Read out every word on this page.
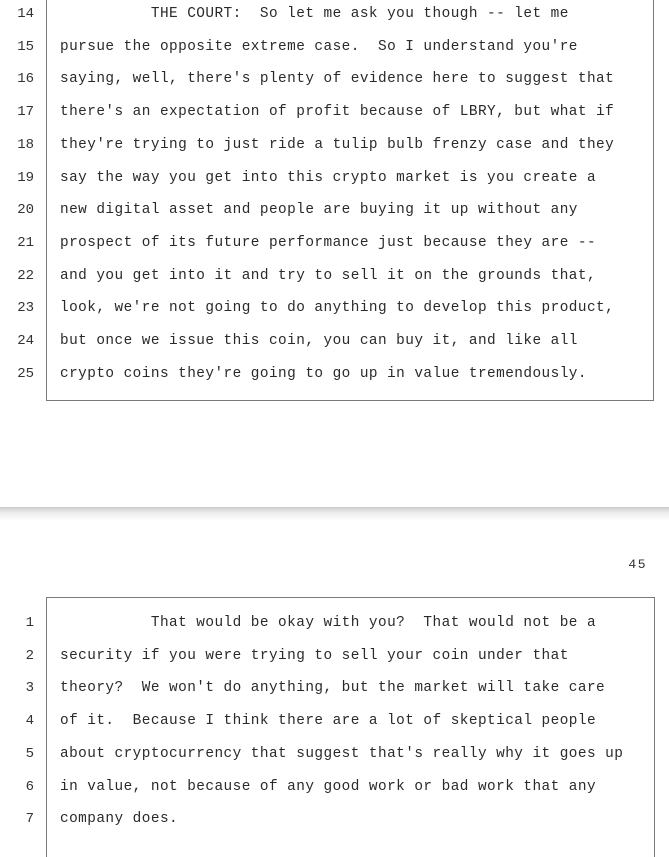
14 THE COURT:  So let me ask you though -- let me
15 pursue the opposite extreme case.  So I understand you're
16 saying, well, there's plenty of evidence here to suggest that
17 there's an expectation of profit because of LBRY, but what if
18 they're trying to just ride a tulip bulb frenzy case and they
19 say the way you get into this crypto market is you create a
20 new digital asset and people are buying it up without any
21 prospect of its future performance just because they are --
22 and you get into it and try to sell it on the grounds that,
23 look, we're not going to do anything to develop this product,
24 but once we issue this coin, you can buy it, and like all
25 crypto coins they're going to go up in value tremendously.
45
1 That would be okay with you?  That would not be a
2 security if you were trying to sell your coin under that
3 theory?  We won't do anything, but the market will take care
4 of it.  Because I think there are a lot of skeptical people
5 about cryptocurrency that suggest that's really why it goes up
6 in value, not because of any good work or bad work that any
7 company does.
